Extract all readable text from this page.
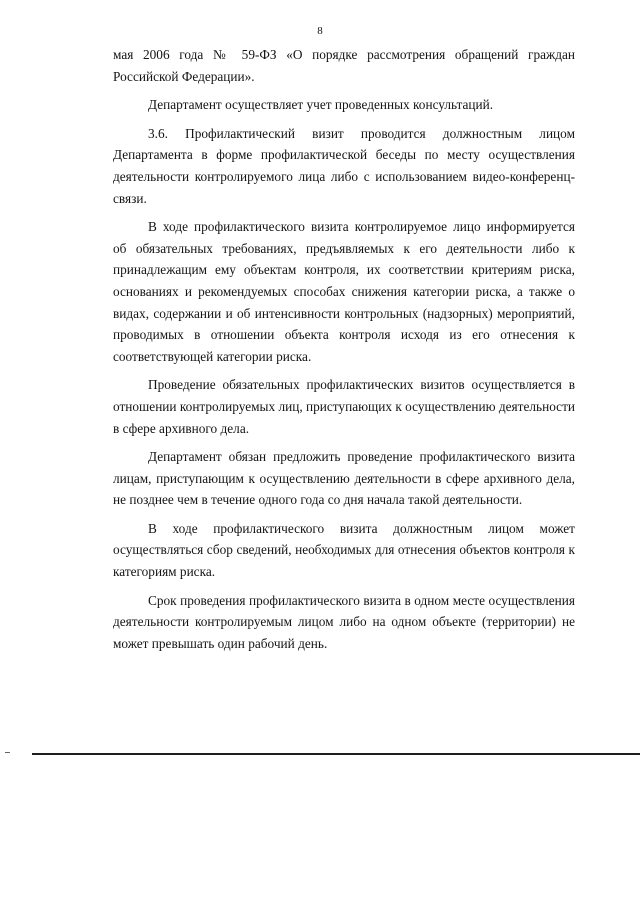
8

мая 2006 года № 59-ФЗ «О порядке рассмотрения обращений граждан Российской Федерации».

Департамент осуществляет учет проведенных консультаций.

3.6. Профилактический визит проводится должностным лицом Департамента в форме профилактической беседы по месту осуществления деятельности контролируемого лица либо с использованием видео-конференц-связи.

В ходе профилактического визита контролируемое лицо информируется об обязательных требованиях, предъявляемых к его деятельности либо к принадлежащим ему объектам контроля, их соответствии критериям риска, основаниях и рекомендуемых способах снижения категории риска, а также о видах, содержании и об интенсивности контрольных (надзорных) мероприятий, проводимых в отношении объекта контроля исходя из его отнесения к соответствующей категории риска.

Проведение обязательных профилактических визитов осуществляется в отношении контролируемых лиц, приступающих к осуществлению деятельности в сфере архивного дела.

Департамент обязан предложить проведение профилактического визита лицам, приступающим к осуществлению деятельности в сфере архивного дела, не позднее чем в течение одного года со дня начала такой деятельности.

В ходе профилактического визита должностным лицом может осуществляться сбор сведений, необходимых для отнесения объектов контроля к категориям риска.

Срок проведения профилактического визита в одном месте осуществления деятельности контролируемым лицом либо на одном объекте (территории) не может превышать один рабочий день.
